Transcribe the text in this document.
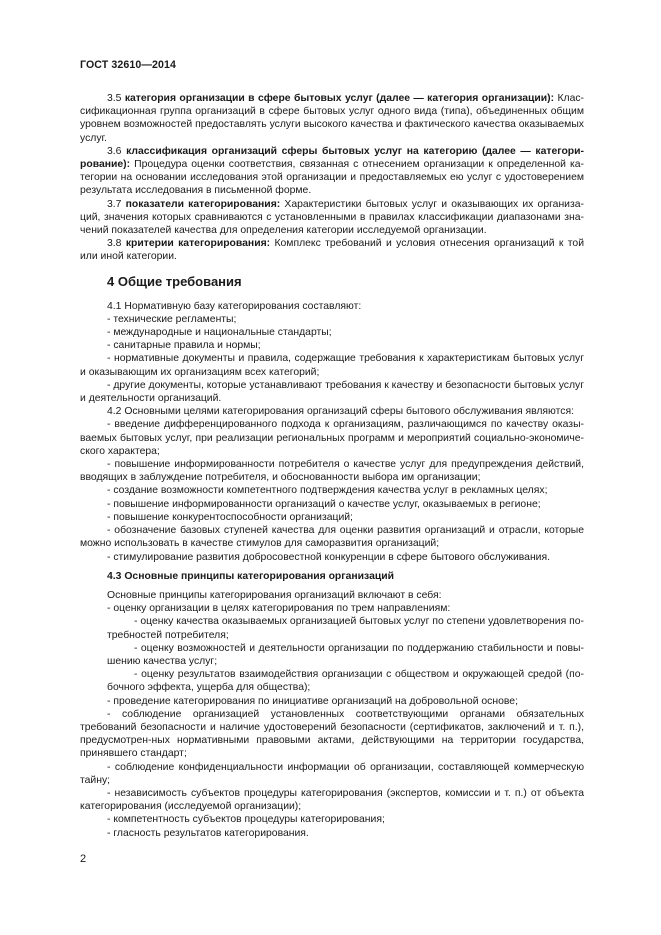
ГОСТ 32610—2014

3.5 категория организации в сфере бытовых услуг (далее — категория организации): Клас-сификационная группа организаций в сфере бытовых услуг одного вида (типа), объединенных общим уровнем возможностей предоставлять услуги высокого качества и фактического качества оказываемых услуг.

3.6 классификация организаций сферы бытовых услуг на категорию (далее — категори-рование): Процедура оценки соответствия, связанная с отнесением организации к определенной ка-тегории на основании исследования этой организации и предоставляемых ею услуг с удостоверением результата исследования в письменной форме.

3.7 показатели категорирования: Характеристики бытовых услуг и оказывающих их организа-ций, значения которых сравниваются с установленными в правилах классификации диапазонами зна-чений показателей качества для определения категории исследуемой организации.

3.8 критерии категорирования: Комплекс требований и условия отнесения организаций к той или иной категории.

4 Общие требования

4.1 Нормативную базу категорирования составляют:

- технические регламенты;

- международные и национальные стандарты;

- санитарные правила и нормы;

- нормативные документы и правила, содержащие требования к характеристикам бытовых услуг и оказывающим их организациям всех категорий;

- другие документы, которые устанавливают требования к качеству и безопасности бытовых услуг и деятельности организаций.

4.2 Основными целями категорирования организаций сферы бытового обслуживания являются:

- введение дифференцированного подхода к организациям, различающимся по качеству оказы-ваемых бытовых услуг, при реализации региональных программ и мероприятий социально-экономиче-ского характера;

- повышение информированности потребителя о качестве услуг для предупреждения действий, вводящих в заблуждение потребителя, и обоснованности выбора им организации;

- создание возможности компетентного подтверждения качества услуг в рекламных целях;

- повышение информированности организаций о качестве услуг, оказываемых в регионе;

- повышение конкурентоспособности организаций;

- обозначение базовых ступеней качества для оценки развития организаций и отрасли, которые можно использовать в качестве стимулов для саморазвития организаций;

- стимулирование развития добросовестной конкуренции в сфере бытового обслуживания.

4.3 Основные принципы категорирования организаций

Основные принципы категорирования организаций включают в себя:

- оценку организации в целях категорирования по трем направлениям:

- оценку качества оказываемых организацией бытовых услуг по степени удовлетворения по-требностей потребителя;

- оценку возможностей и деятельности организации по поддержанию стабильности и повы-шению качества услуг;

- оценку результатов взаимодействия организации с обществом и окружающей средой (по-бочного эффекта, ущерба для общества);

- проведение категорирования по инициативе организаций на добровольной основе;

- соблюдение организацией установленных соответствующими органами обязательных требований безопасности и наличие удостоверений безопасности (сертификатов, заключений и т. п.), предусмотрен-ных нормативными правовыми актами, действующими на территории государства, принявшего стандарт;

- соблюдение конфиденциальности информации об организации, составляющей коммерческую тайну;

- независимость субъектов процедуры категорирования (экспертов, комиссии и т. п.) от объекта категорирования (исследуемой организации);

- компетентность субъектов процедуры категорирования;

- гласность результатов категорирования.

2
